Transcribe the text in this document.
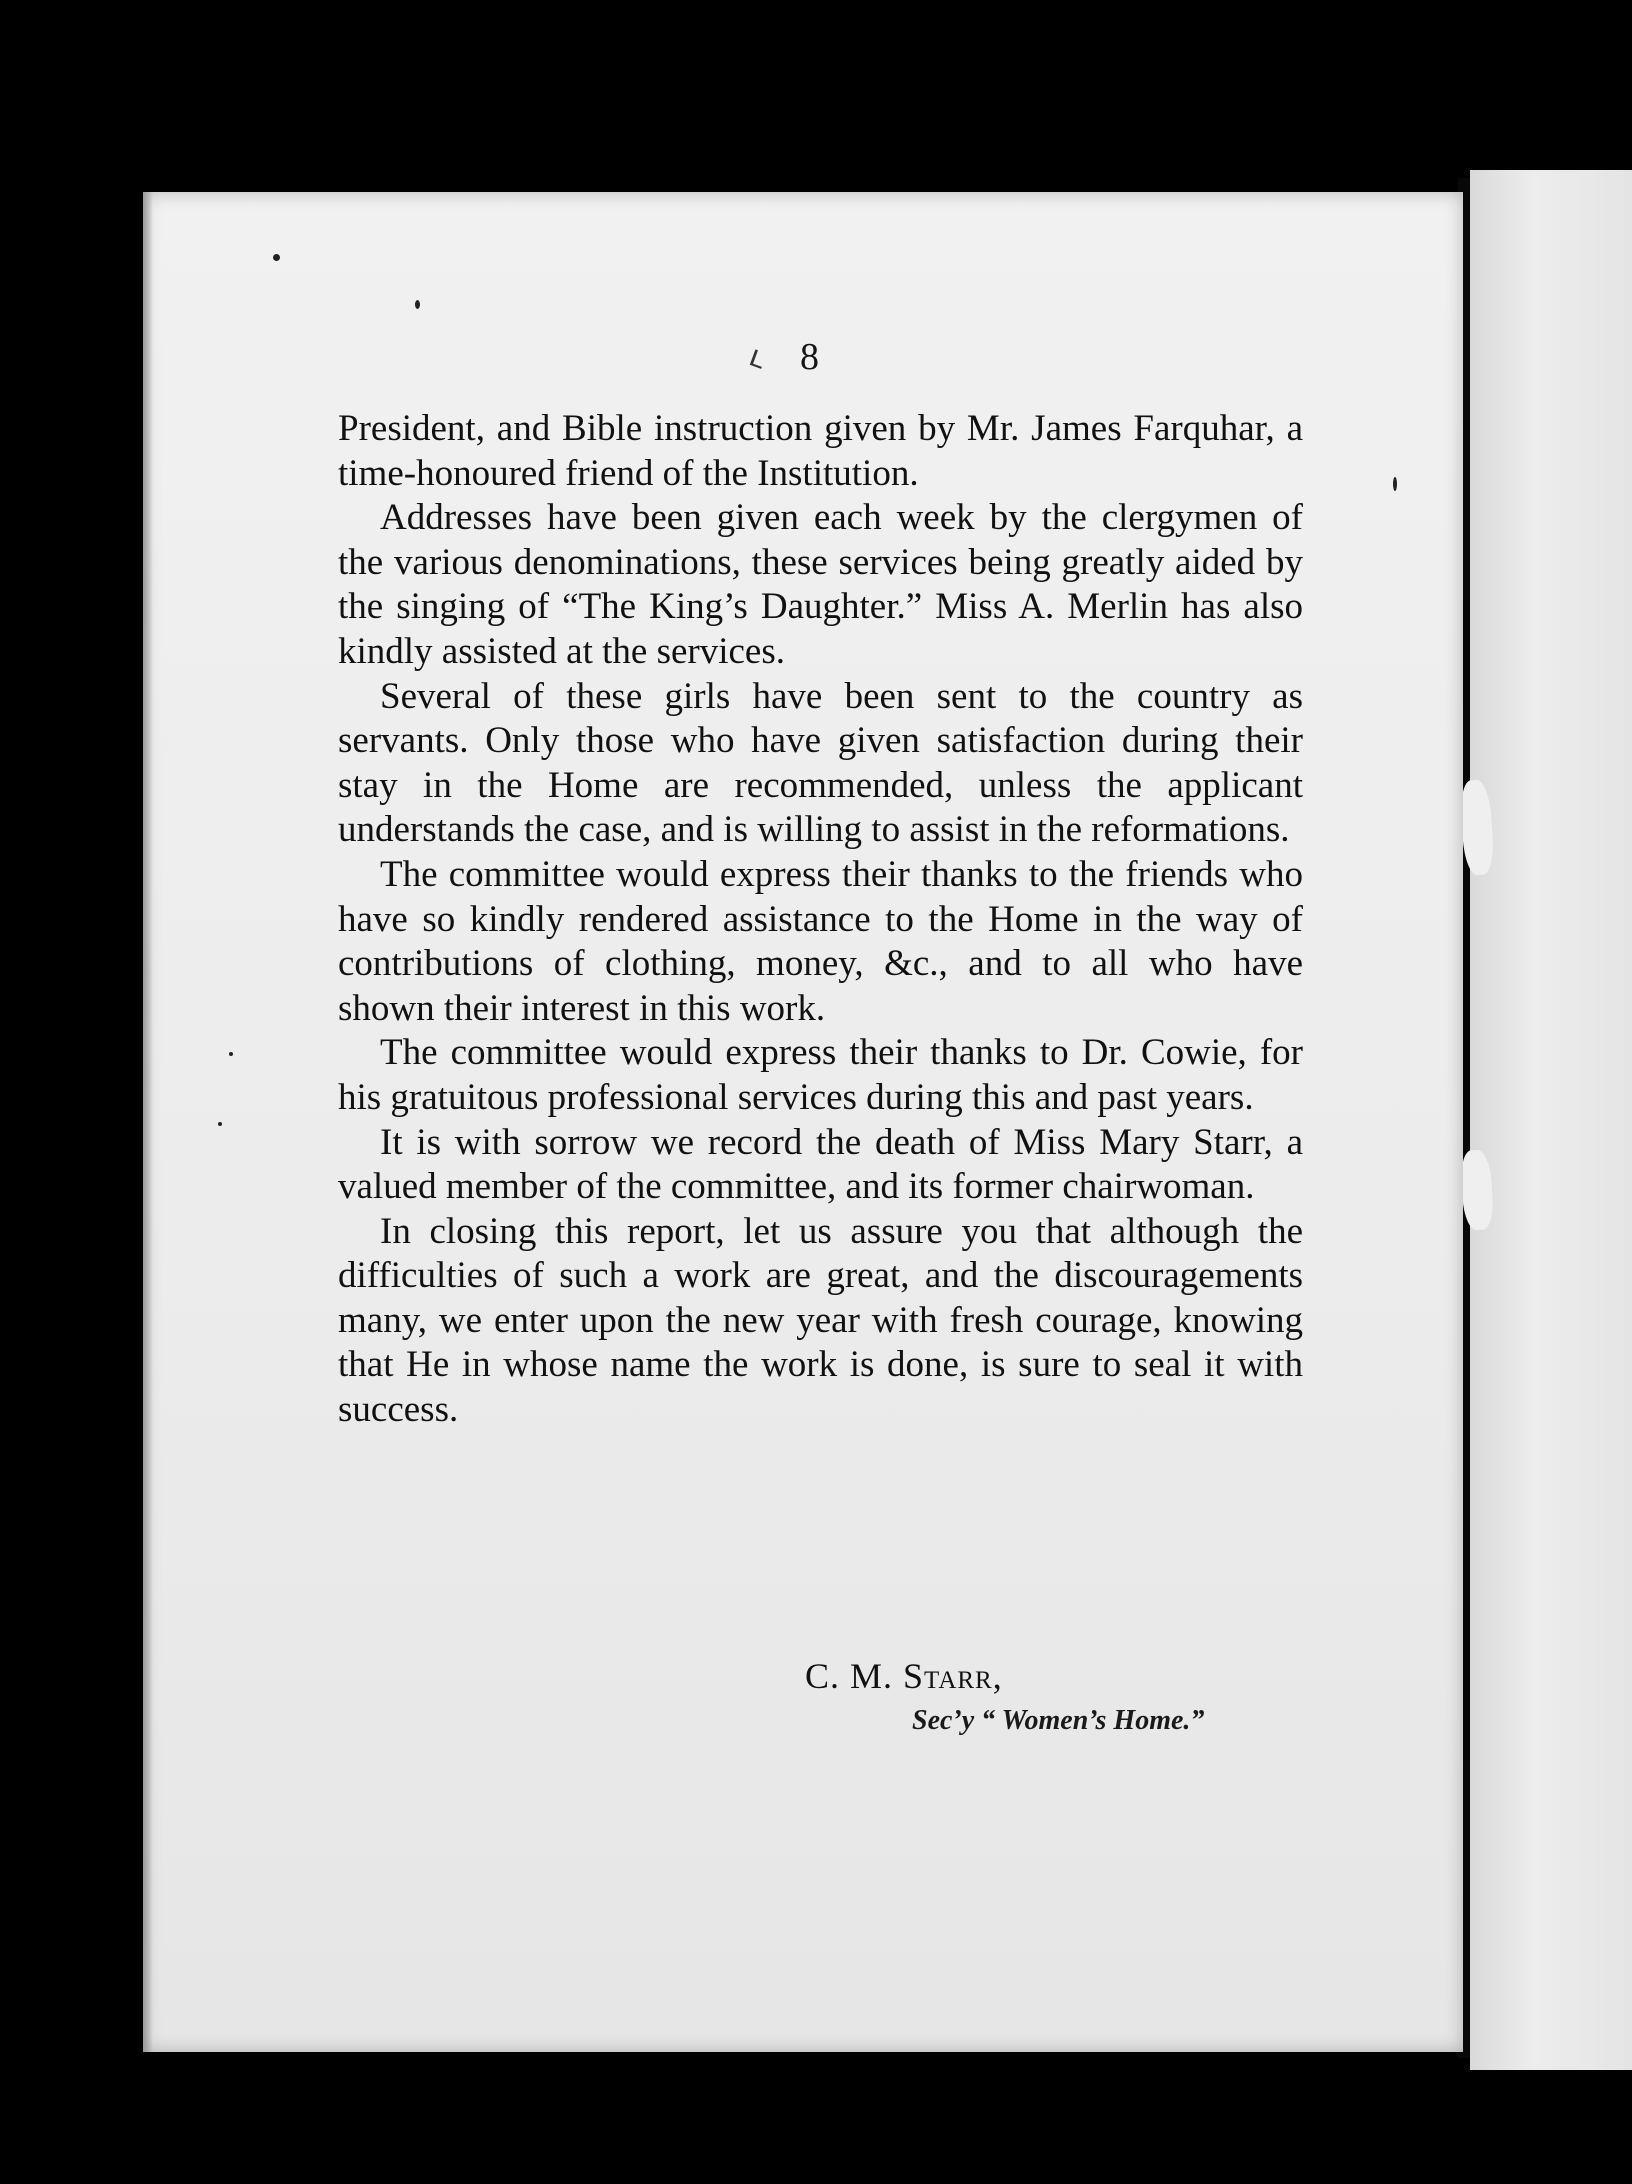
ʟ 8

President, and Bible instruction given by Mr. James Farquhar, a time-honoured friend of the Institution.

Addresses have been given each week by the clergymen of the various denominations, these services being greatly aided by the singing of “The King’s Daughter.” Miss A. Merlin has also kindly assisted at the services.

Several of these girls have been sent to the country as servants. Only those who have given satisfaction during their stay in the Home are recommended, unless the applicant understands the case, and is willing to assist in the reformations.

The committee would express their thanks to the friends who have so kindly rendered assistance to the Home in the way of contributions of clothing, money, &c., and to all who have shown their interest in this work.

The committee would express their thanks to Dr. Cowie, for his gratuitous professional services during this and past years.

It is with sorrow we record the death of Miss Mary Starr, a valued member of the committee, and its former chairwoman.

In closing this report, let us assure you that although the difficulties of such a work are great, and the discouragements many, we enter upon the new year with fresh courage, knowing that He in whose name the work is done, is sure to seal it with success.

C. M. Starr,
Sec’y “ Women’s Home.”
